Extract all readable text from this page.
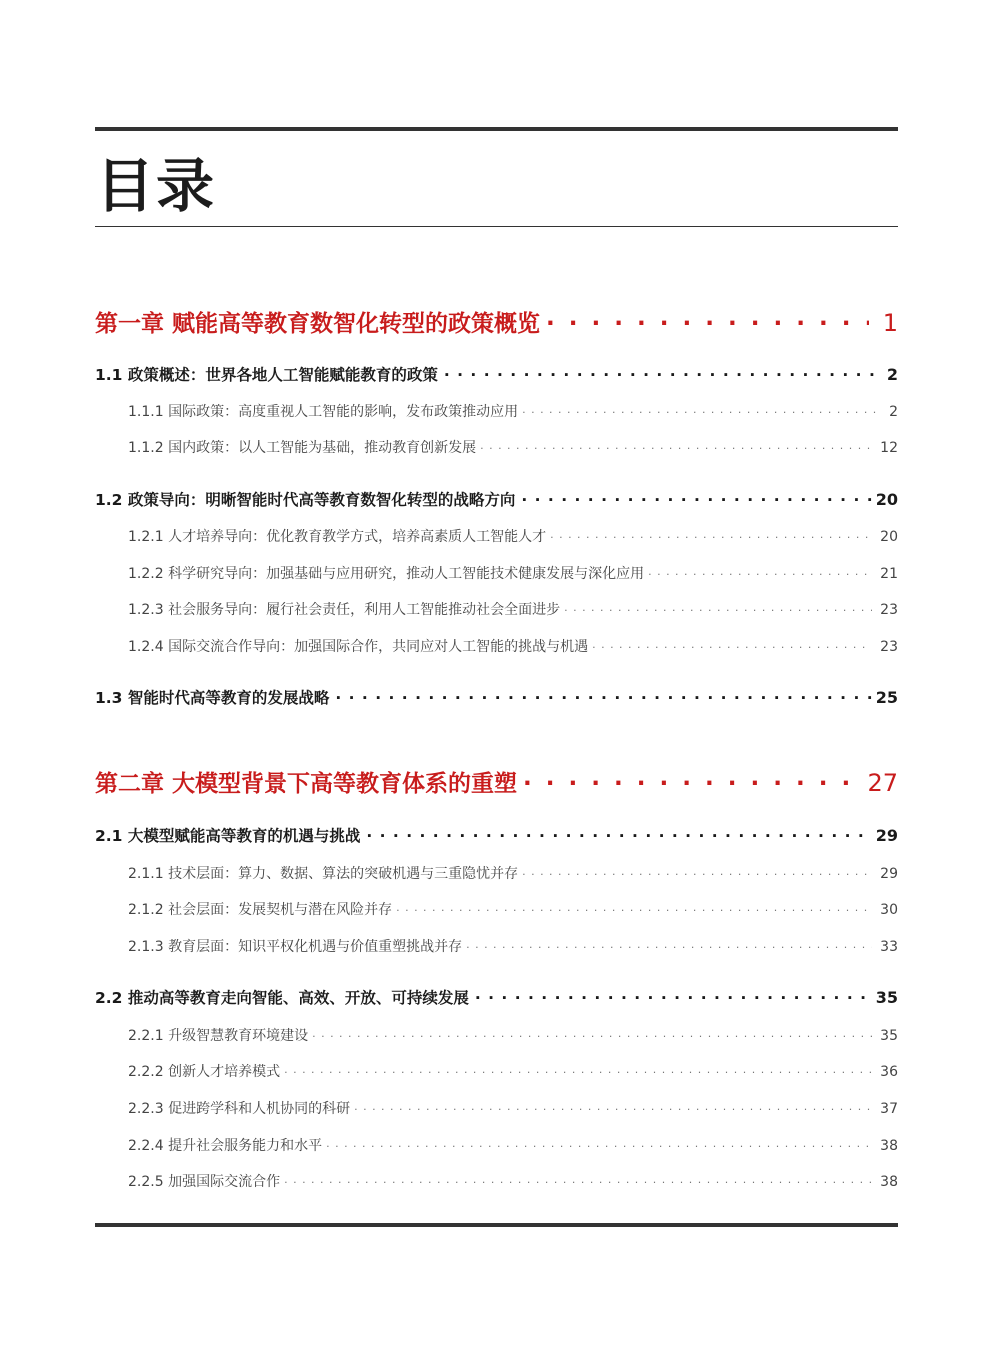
目录
第一章 赋能高等教育数智化转型的政策概览 · · ·	1
1.1 政策概述：世界各地人工智能赋能教育的政策 · · ·	2
1.1.1 国际政策：高度重视人工智能的影响，发布政策推动应用 · · ·	2
1.1.2 国内政策：以人工智能为基础，推动教育创新发展 · · ·	12
1.2 政策导向：明晰智能时代高等教育数智化转型的战略方向 · · ·	20
1.2.1 人才培养导向：优化教育教学方式，培养高素质人工智能人才 · · ·	20
1.2.2 科学研究导向：加强基础与应用研究，推动人工智能技术健康发展与深化应用 · · ·	21
1.2.3 社会服务导向：履行社会责任，利用人工智能推动社会全面进步 · · ·	23
1.2.4 国际交流合作导向：加强国际合作，共同应对人工智能的挑战与机遇 · · ·	23
1.3 智能时代高等教育的发展战略 · · ·	25
第二章 大模型背景下高等教育体系的重塑 · · ·	27
2.1 大模型赋能高等教育的机遇与挑战 · · ·	29
2.1.1 技术层面：算力、数据、算法的突破机遇与三重隐忧并存 · · ·	29
2.1.2 社会层面：发展契机与潜在风险并存 · · ·	30
2.1.3 教育层面：知识平权化机遇与价值重塑挑战并存 · · ·	33
2.2 推动高等教育走向智能、高效、开放、可持续发展 · · ·	35
2.2.1 升级智慧教育环境建设 · · ·	35
2.2.2 创新人才培养模式 · · ·	36
2.2.3 促进跨学科和人机协同的科研 · · ·	37
2.2.4 提升社会服务能力和水平 · · ·	38
2.2.5 加强国际交流合作 · · ·	38
